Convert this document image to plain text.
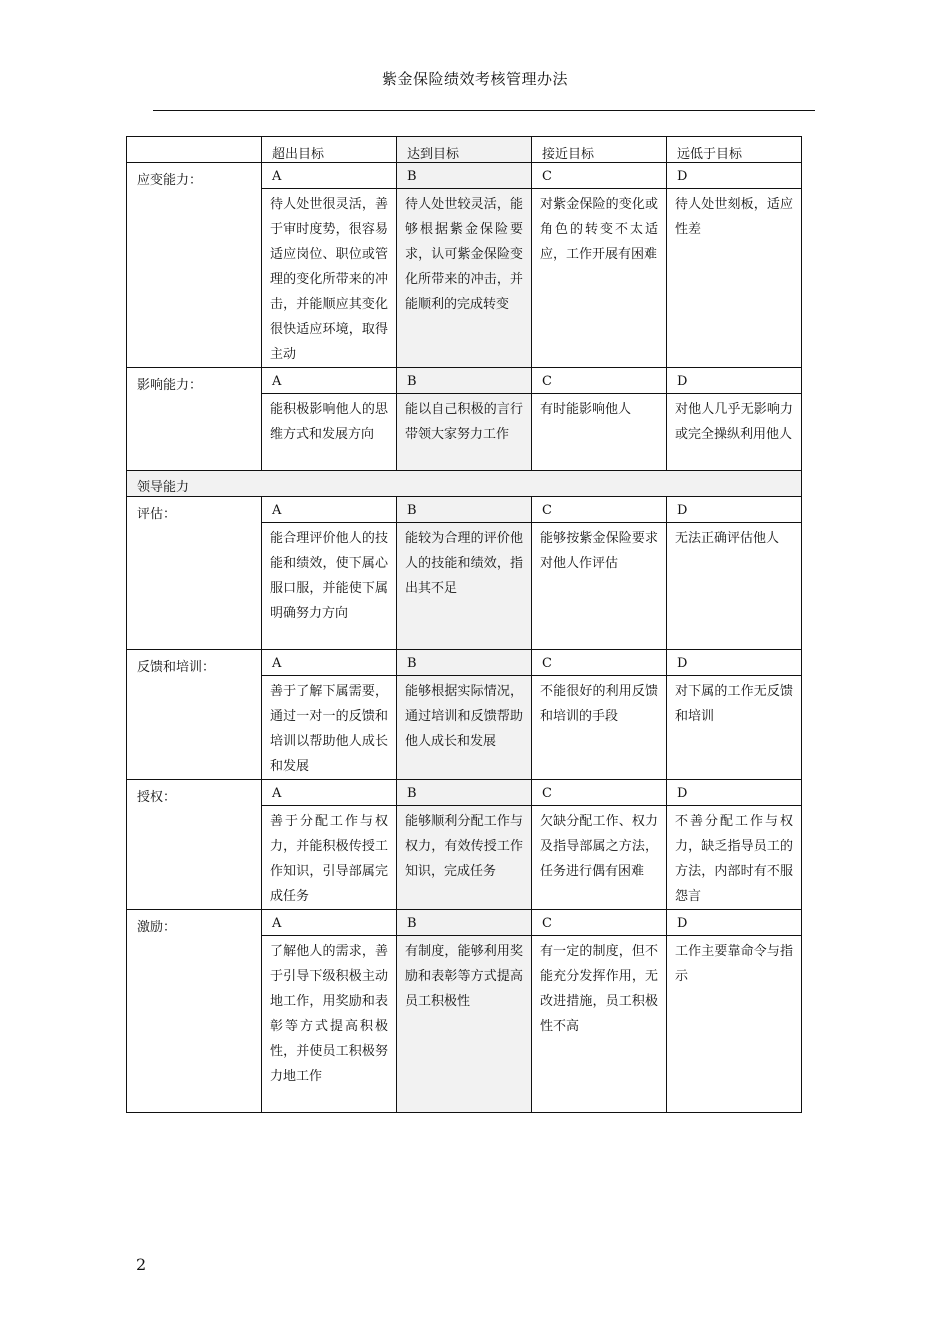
紫金保险绩效考核管理办法

	超出目标	达到目标	接近目标	远低于目标

应变能力：	A	B	C	D

	待人处世很灵活，善于审时度势，很容易适应岗位、职位或管理的变化所带来的冲击，并能顺应其变化很快适应环境，取得主动	待人处世较灵活，能够根据紫金保险要求，认可紫金保险变化所带来的冲击，并能顺利的完成转变	对紫金保险的变化或角色的转变不太适应，工作开展有困难	待人处世刻板，适应性差

影响能力：	A	B	C	D

	能积极影响他人的思维方式和发展方向	能以自己积极的言行带领大家努力工作	有时能影响他人	对他人几乎无影响力或完全操纵利用他人

领导能力				

评估：	A	B	C	D

	能合理评价他人的技能和绩效，使下属心服口服，并能使下属明确努力方向	能较为合理的评价他人的技能和绩效，指出其不足	能够按紫金保险要求对他人作评估	无法正确评估他人

反馈和培训：	A	B	C	D

	善于了解下属需要，通过一对一的反馈和培训以帮助他人成长和发展	能够根据实际情况，通过培训和反馈帮助他人成长和发展	不能很好的利用反馈和培训的手段	对下属的工作无反馈和培训

授权：	A	B	C	D

	善于分配工作与权力，并能积极传授工作知识，引导部属完成任务	能够顺利分配工作与权力，有效传授工作知识，完成任务	欠缺分配工作、权力及指导部属之方法，任务进行偶有困难	不善分配工作与权力，缺乏指导员工的方法，内部时有不服怨言

激励：	A	B	C	D

	了解他人的需求，善于引导下级积极主动地工作，用奖励和表彰等方式提高积极性，并使员工积极努力地工作	有制度，能够利用奖励和表彰等方式提高员工积极性	有一定的制度，但不能充分发挥作用，无改进措施，员工积极性不高	工作主要靠命令与指示
2
